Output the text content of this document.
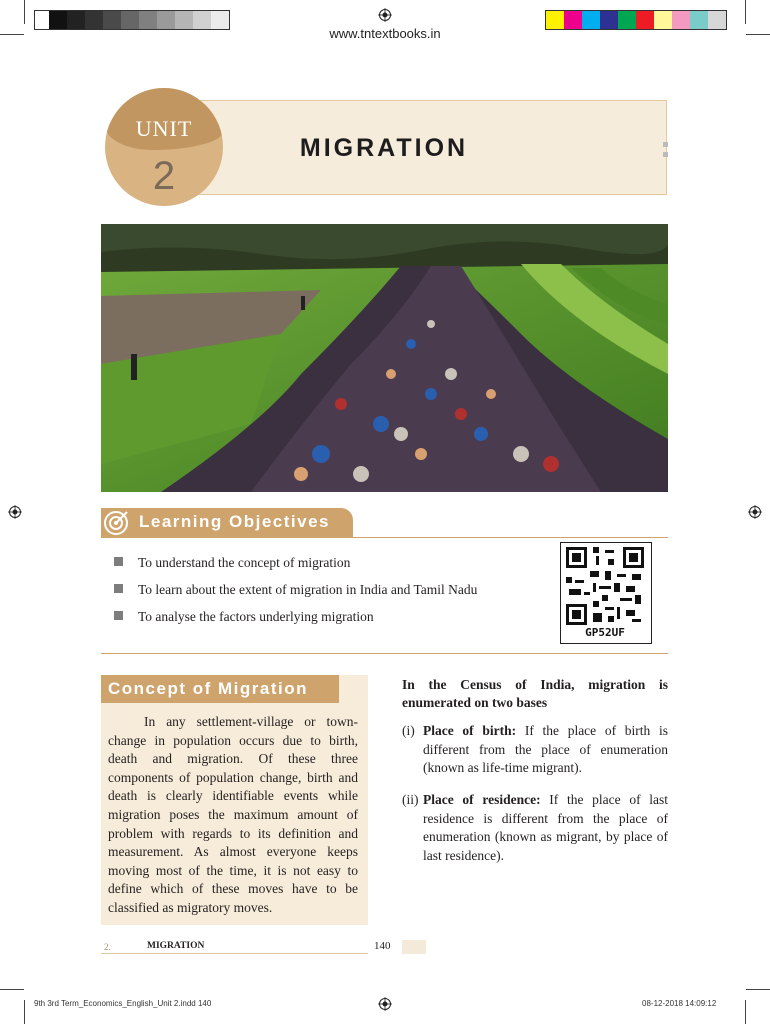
www.tntextbooks.in
MIGRATION
UNIT
2
Learning Objectives
To understand the concept of migration
To learn about the extent of migration in India and Tamil Nadu
To analyse the factors underlying migration
GP52UF
Concept of Migration
In any settlement-village or town-change in population occurs due to birth, death and migration. Of these three components of population change, birth and death is clearly identifiable events while migration poses the maximum amount of problem with regards to its definition and measurement. As almost everyone keeps moving most of the time, it is not easy to define which of these moves have to be classified as migratory moves.
In the Census of India, migration is enumerated on two bases
(i) Place of birth: If the place of birth is different from the place of enumeration (known as life-time migrant).
(ii) Place of residence: If the place of last residence is different from the place of enumeration (known as migrant, by place of last residence).
2.	MIGRATION	140
9th 3rd Term_Economics_English_Unit 2.indd 140	08-12-2018 14:09:12
